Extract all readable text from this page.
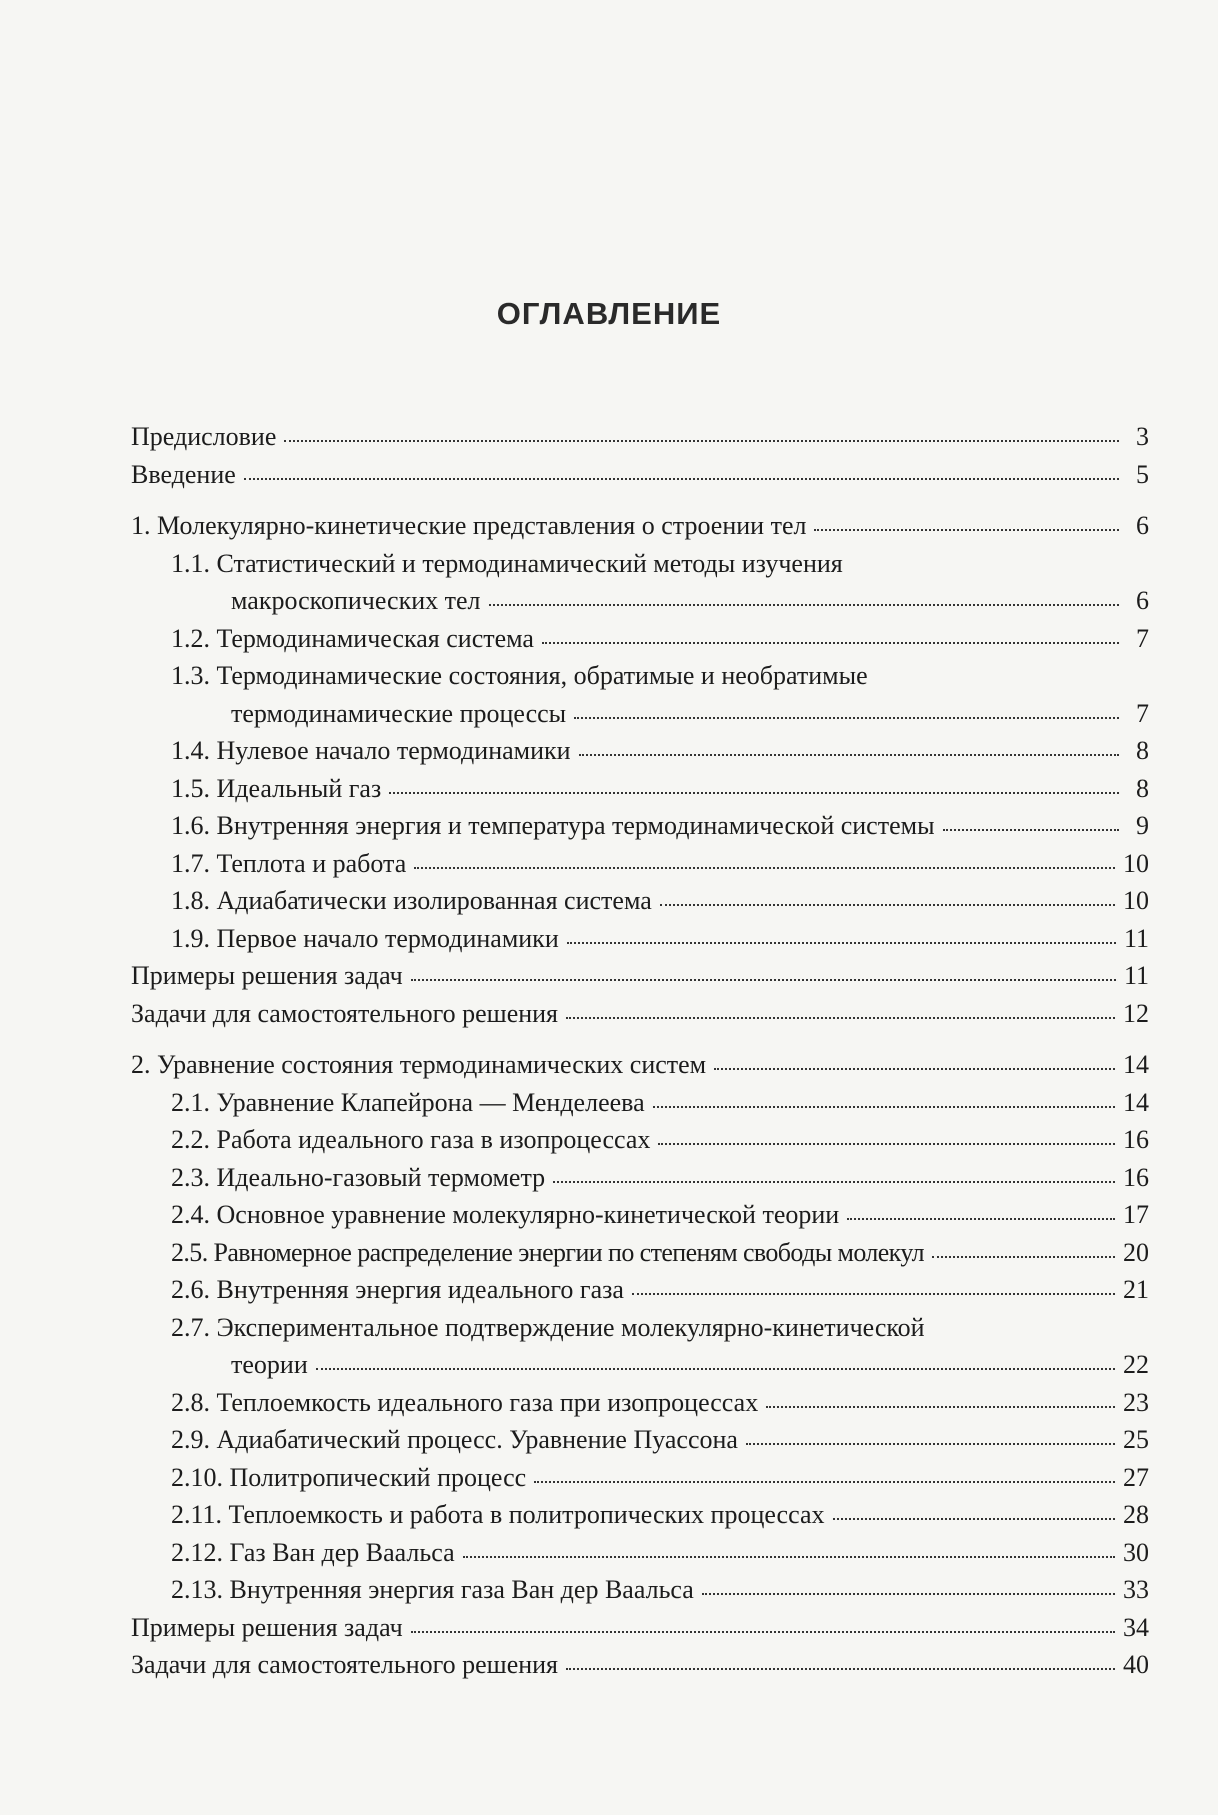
ОГЛАВЛЕНИЕ
Предисловие	3
Введение	5
1. Молекулярно-кинетические представления о строении тел	6
1.1. Статистический и термодинамический методы изучения
макроскопических тел	6
1.2. Термодинамическая система	7
1.3. Термодинамические состояния, обратимые и необратимые
термодинамические процессы	7
1.4. Нулевое начало термодинамики	8
1.5. Идеальный газ	8
1.6. Внутренняя энергия и температура термодинамической системы	9
1.7. Теплота и работа	10
1.8. Адиабатически изолированная система	10
1.9. Первое начало термодинамики	11
Примеры решения задач	11
Задачи для самостоятельного решения	12
2. Уравнение состояния термодинамических систем	14
2.1. Уравнение Клапейрона — Менделеева	14
2.2. Работа идеального газа в изопроцессах	16
2.3. Идеально-газовый термометр	16
2.4. Основное уравнение молекулярно-кинетической теории	17
2.5. Равномерное распределение энергии по степеням свободы молекул	20
2.6. Внутренняя энергия идеального газа	21
2.7. Экспериментальное подтверждение молекулярно-кинетической
теории	22
2.8. Теплоемкость идеального газа при изопроцессах	23
2.9. Адиабатический процесс. Уравнение Пуассона	25
2.10. Политропический процесс	27
2.11. Теплоемкость и работа в политропических процессах	28
2.12. Газ Ван дер Ваальса	30
2.13. Внутренняя энергия газа Ван дер Ваальса	33
Примеры решения задач	34
Задачи для самостоятельного решения	40
